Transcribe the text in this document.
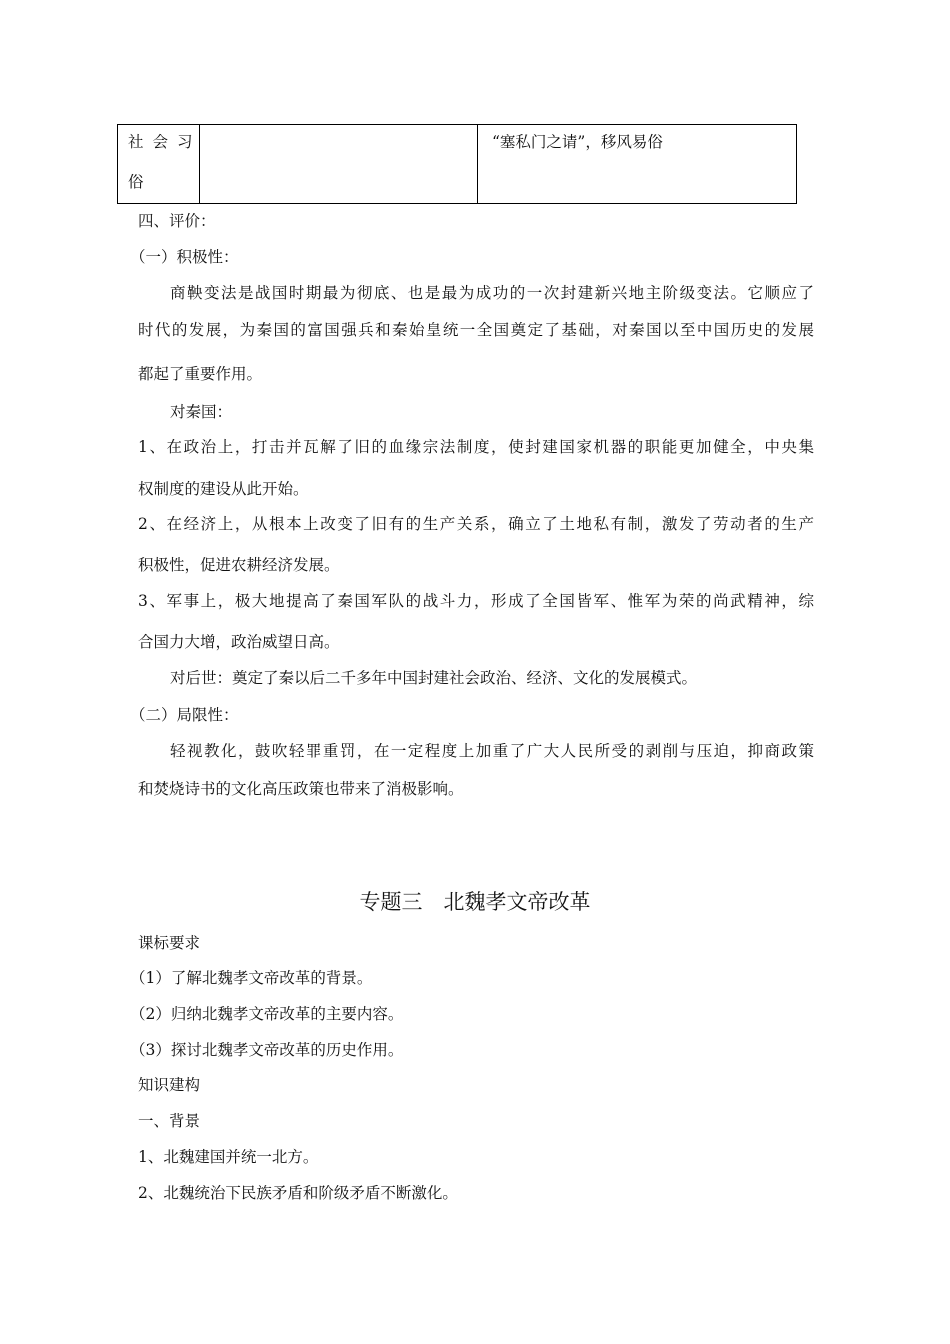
社会习
俗
“塞私门之请”，移风易俗
四、评价：
（一）积极性：
商鞅变法是战国时期最为彻底、也是最为成功的一次封建新兴地主阶级变法。它顺应了
时代的发展，为秦国的富国强兵和秦始皇统一全国奠定了基础，对秦国以至中国历史的发展
都起了重要作用。
对秦国：
1、在政治上，打击并瓦解了旧的血缘宗法制度，使封建国家机器的职能更加健全，中央集
权制度的建设从此开始。
2、在经济上，从根本上改变了旧有的生产关系，确立了土地私有制，激发了劳动者的生产
积极性，促进农耕经济发展。
3、军事上，极大地提高了秦国军队的战斗力，形成了全国皆军、惟军为荣的尚武精神，综
合国力大增，政治威望日高。
对后世：奠定了秦以后二千多年中国封建社会政治、经济、文化的发展模式。
（二）局限性：
轻视教化，鼓吹轻罪重罚，在一定程度上加重了广大人民所受的剥削与压迫，抑商政策
和焚烧诗书的文化高压政策也带来了消极影响。
专题三　北魏孝文帝改革
课标要求
（1）了解北魏孝文帝改革的背景。
（2）归纳北魏孝文帝改革的主要内容。
（3）探讨北魏孝文帝改革的历史作用。
知识建构
一、背景
1、北魏建国并统一北方。
2、北魏统治下民族矛盾和阶级矛盾不断激化。
